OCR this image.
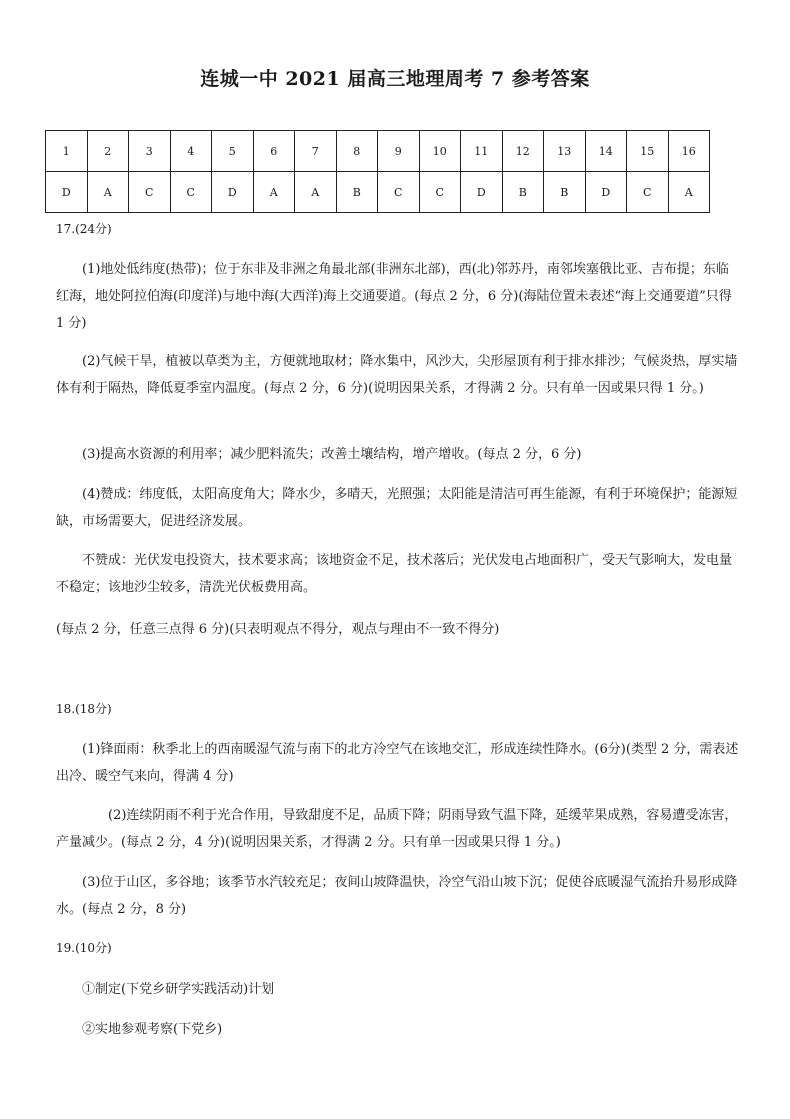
连城一中 2021 届高三地理周考 7 参考答案
1	2	3	4	5	6	7	8	9	10	11	12	13	14	15	16
D	A	C	C	D	A	A	B	C	C	D	B	B	D	C	A

17.(24分)

(1)地处低纬度(热带)；位于东非及非洲之角最北部(非洲东北部)，西(北)邻苏丹，南邻埃塞俄比亚、吉布提；东临红海，地处阿拉伯海(印度洋)与地中海(大西洋)海上交通要道。(每点 2 分，6 分)(海陆位置未表述“海上交通要道”只得 1 分)

(2)气候干旱，植被以草类为主，方便就地取材；降水集中，风沙大，尖形屋顶有利于排水排沙；气候炎热，厚实墙体有利于隔热，降低夏季室内温度。(每点 2 分，6 分)(说明因果关系，才得满 2 分。只有单一因或果只得 1 分。)

(3)提高水资源的利用率；减少肥料流失；改善土壤结构，增产增收。(每点 2 分，6 分)

(4)赞成：纬度低，太阳高度角大；降水少，多晴天，光照强；太阳能是清洁可再生能源，有利于环境保护；能源短缺，市场需要大，促进经济发展。

不赞成：光伏发电投资大，技术要求高；该地资金不足，技术落后；光伏发电占地面积广，受天气影响大，发电量不稳定；该地沙尘较多，清洗光伏板费用高。

(每点 2 分，任意三点得 6 分)(只表明观点不得分，观点与理由不一致不得分)

18.(18分)

(1)锋面雨：秋季北上的西南暖湿气流与南下的北方冷空气在该地交汇，形成连续性降水。(6分)(类型 2 分，需表述出冷、暖空气来向，得满 4 分)

(2)连续阴雨不利于光合作用，导致甜度不足，品质下降；阴雨导致气温下降，延缓苹果成熟，容易遭受冻害，产量减少。(每点 2 分，4 分)(说明因果关系，才得满 2 分。只有单一因或果只得 1 分。)

(3)位于山区，多谷地；该季节水汽较充足；夜间山坡降温快，冷空气沿山坡下沉；促使谷底暖湿气流抬升易形成降水。(每点 2 分，8 分)

19.(10分)

①制定(下党乡研学实践活动)计划

②实地参观考察(下党乡)
